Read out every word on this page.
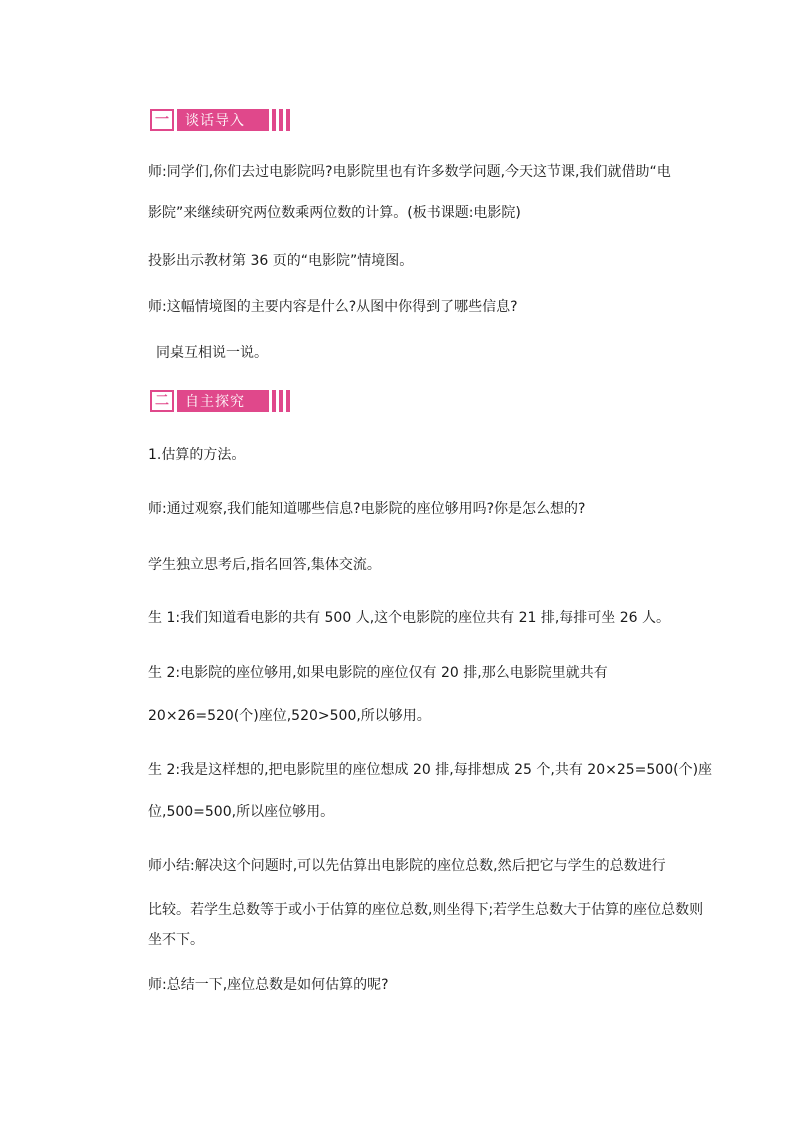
一	谈话导入

师:同学们,你们去过电影院吗?电影院里也有许多数学问题,今天这节课,我们就借助“电

影院”来继续研究两位数乘两位数的计算。(板书课题:电影院)

投影出示教材第 36 页的“电影院”情境图。

师:这幅情境图的主要内容是什么?从图中你得到了哪些信息?

同桌互相说一说。

二	自主探究

1.估算的方法。

师:通过观察,我们能知道哪些信息?电影院的座位够用吗?你是怎么想的?

学生独立思考后,指名回答,集体交流。

生 1:我们知道看电影的共有 500 人,这个电影院的座位共有 21 排,每排可坐 26 人。

生 2:电影院的座位够用,如果电影院的座位仅有 20 排,那么电影院里就共有

20×26=520(个)座位,520>500,所以够用。

生 2:我是这样想的,把电影院里的座位想成 20 排,每排想成 25 个,共有 20×25=500(个)座

位,500=500,所以座位够用。

师小结:解决这个问题时,可以先估算出电影院的座位总数,然后把它与学生的总数进行

比较。若学生总数等于或小于估算的座位总数,则坐得下;若学生总数大于估算的座位总数则

坐不下。

师:总结一下,座位总数是如何估算的呢?
